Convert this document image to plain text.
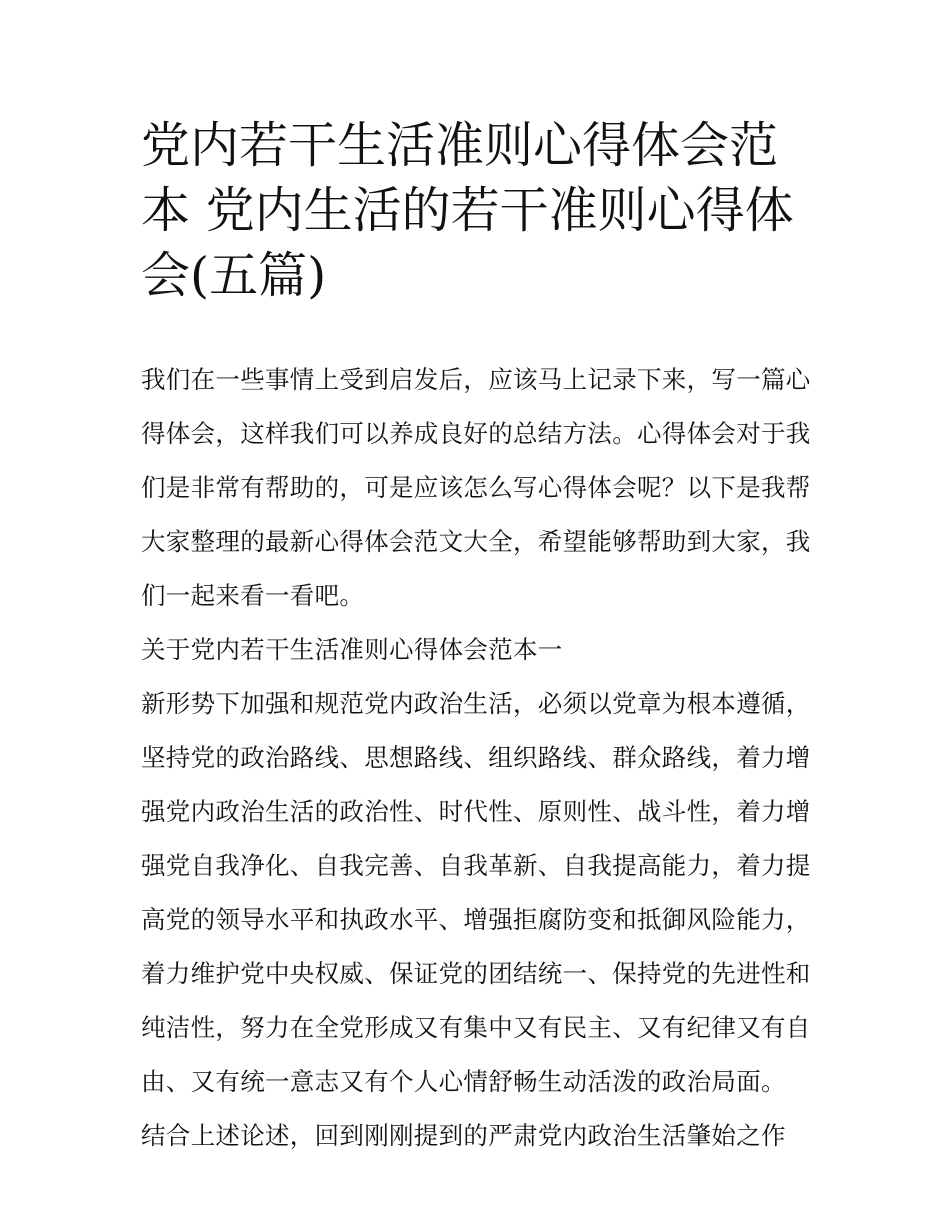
党内若干生活准则心得体会范
本 党内生活的若干准则心得体
会(五篇)
我们在一些事情上受到启发后，应该马上记录下来，写一篇心
得体会，这样我们可以养成良好的总结方法。心得体会对于我
们是非常有帮助的，可是应该怎么写心得体会呢？以下是我帮
大家整理的最新心得体会范文大全，希望能够帮助到大家，我
们一起来看一看吧。
关于党内若干生活准则心得体会范本一
新形势下加强和规范党内政治生活，必须以党章为根本遵循，
坚持党的政治路线、思想路线、组织路线、群众路线，着力增
强党内政治生活的政治性、时代性、原则性、战斗性，着力增
强党自我净化、自我完善、自我革新、自我提高能力，着力提
高党的领导水平和执政水平、增强拒腐防变和抵御风险能力，
着力维护党中央权威、保证党的团结统一、保持党的先进性和
纯洁性，努力在全党形成又有集中又有民主、又有纪律又有自
由、又有统一意志又有个人心情舒畅生动活泼的政治局面。
结合上述论述，回到刚刚提到的严肃党内政治生活肇始之作
